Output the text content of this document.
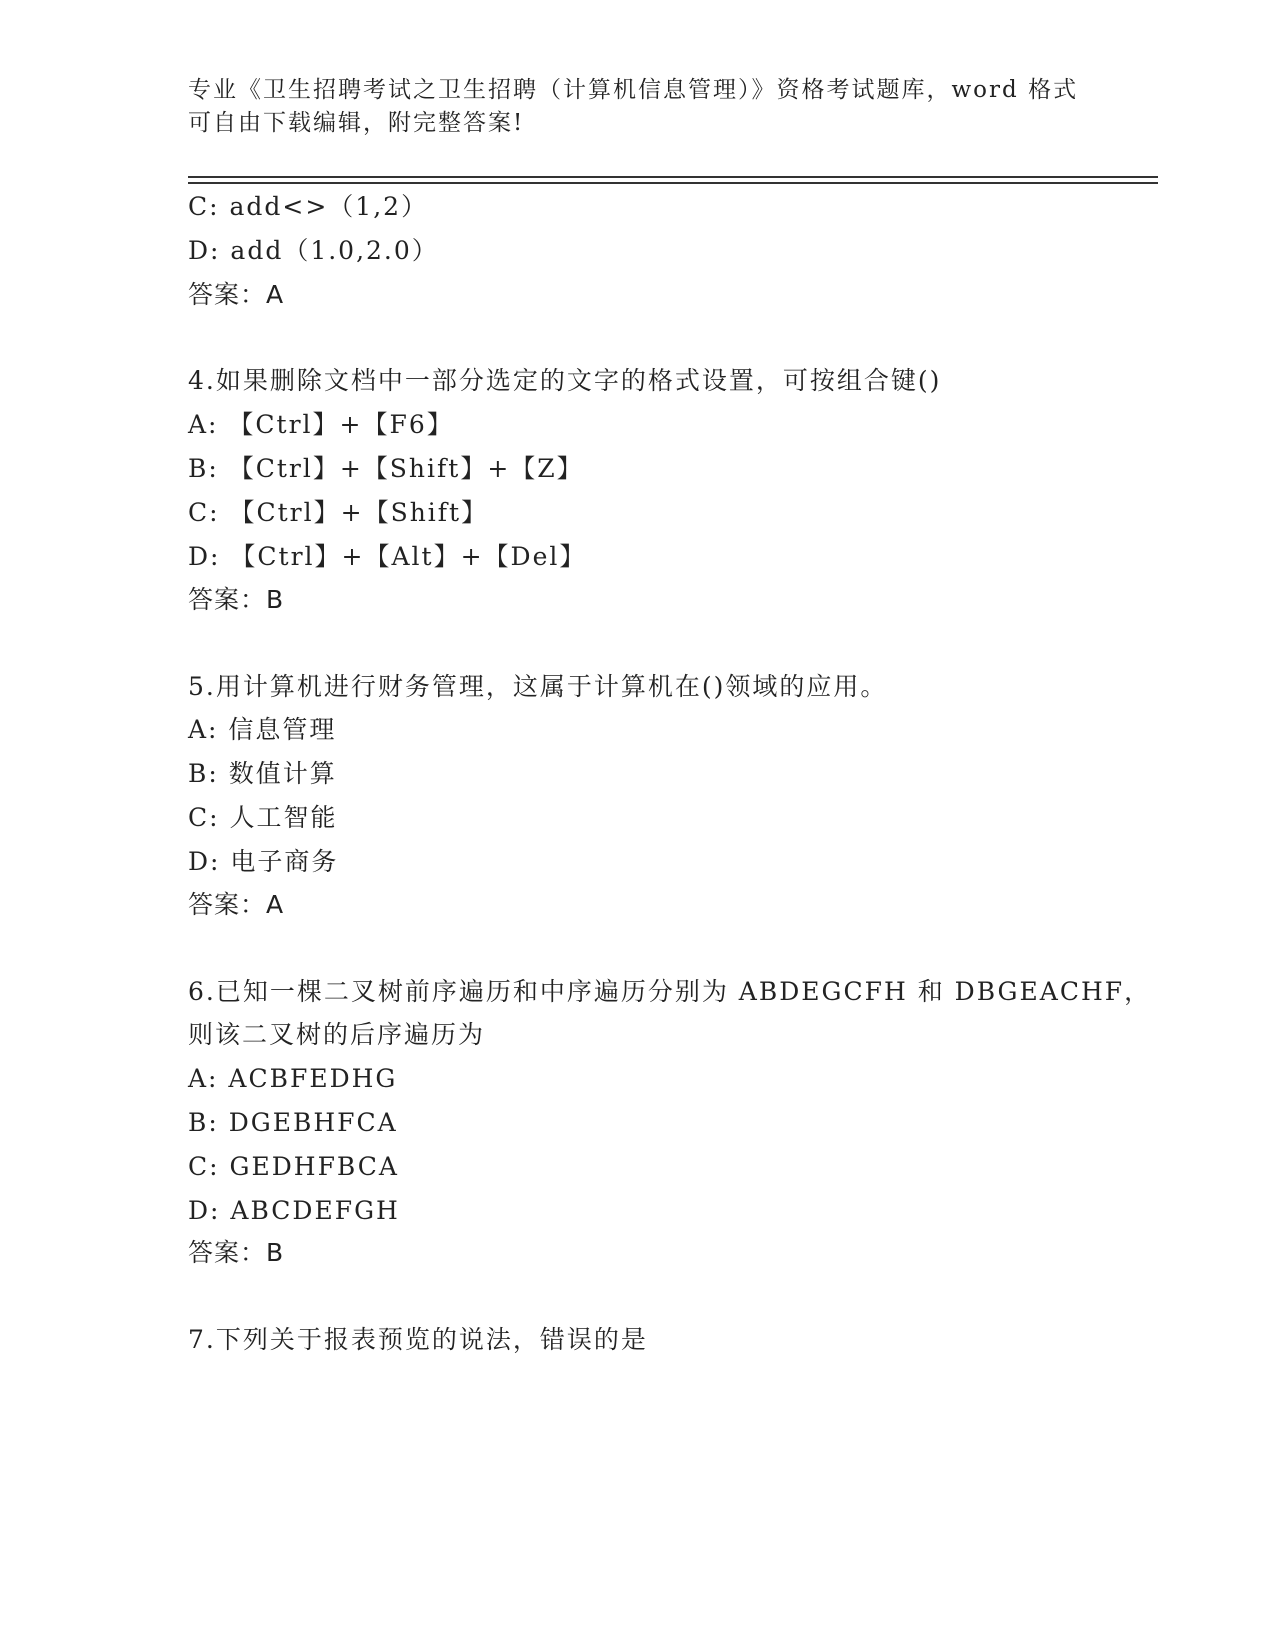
专业《卫生招聘考试之卫生招聘（计算机信息管理）》资格考试题库，word 格式
可自由下载编辑，附完整答案!
C: add<>（1,2）
D: add（1.0,2.0）
答案：A
4.如果删除文档中一部分选定的文字的格式设置，可按组合键()
A: 【Ctrl】+【F6】
B: 【Ctrl】+【Shift】+【Z】
C: 【Ctrl】+【Shift】
D: 【Ctrl】+【Alt】+【Del】
答案：B
5.用计算机进行财务管理，这属于计算机在()领域的应用。
A: 信息管理
B: 数值计算
C: 人工智能
D: 电子商务
答案：A
6.已知一棵二叉树前序遍历和中序遍历分别为 ABDEGCFH 和 DBGEACHF，
则该二叉树的后序遍历为
A: ACBFEDHG
B: DGEBHFCA
C: GEDHFBCA
D: ABCDEFGH
答案：B
7.下列关于报表预览的说法，错误的是
